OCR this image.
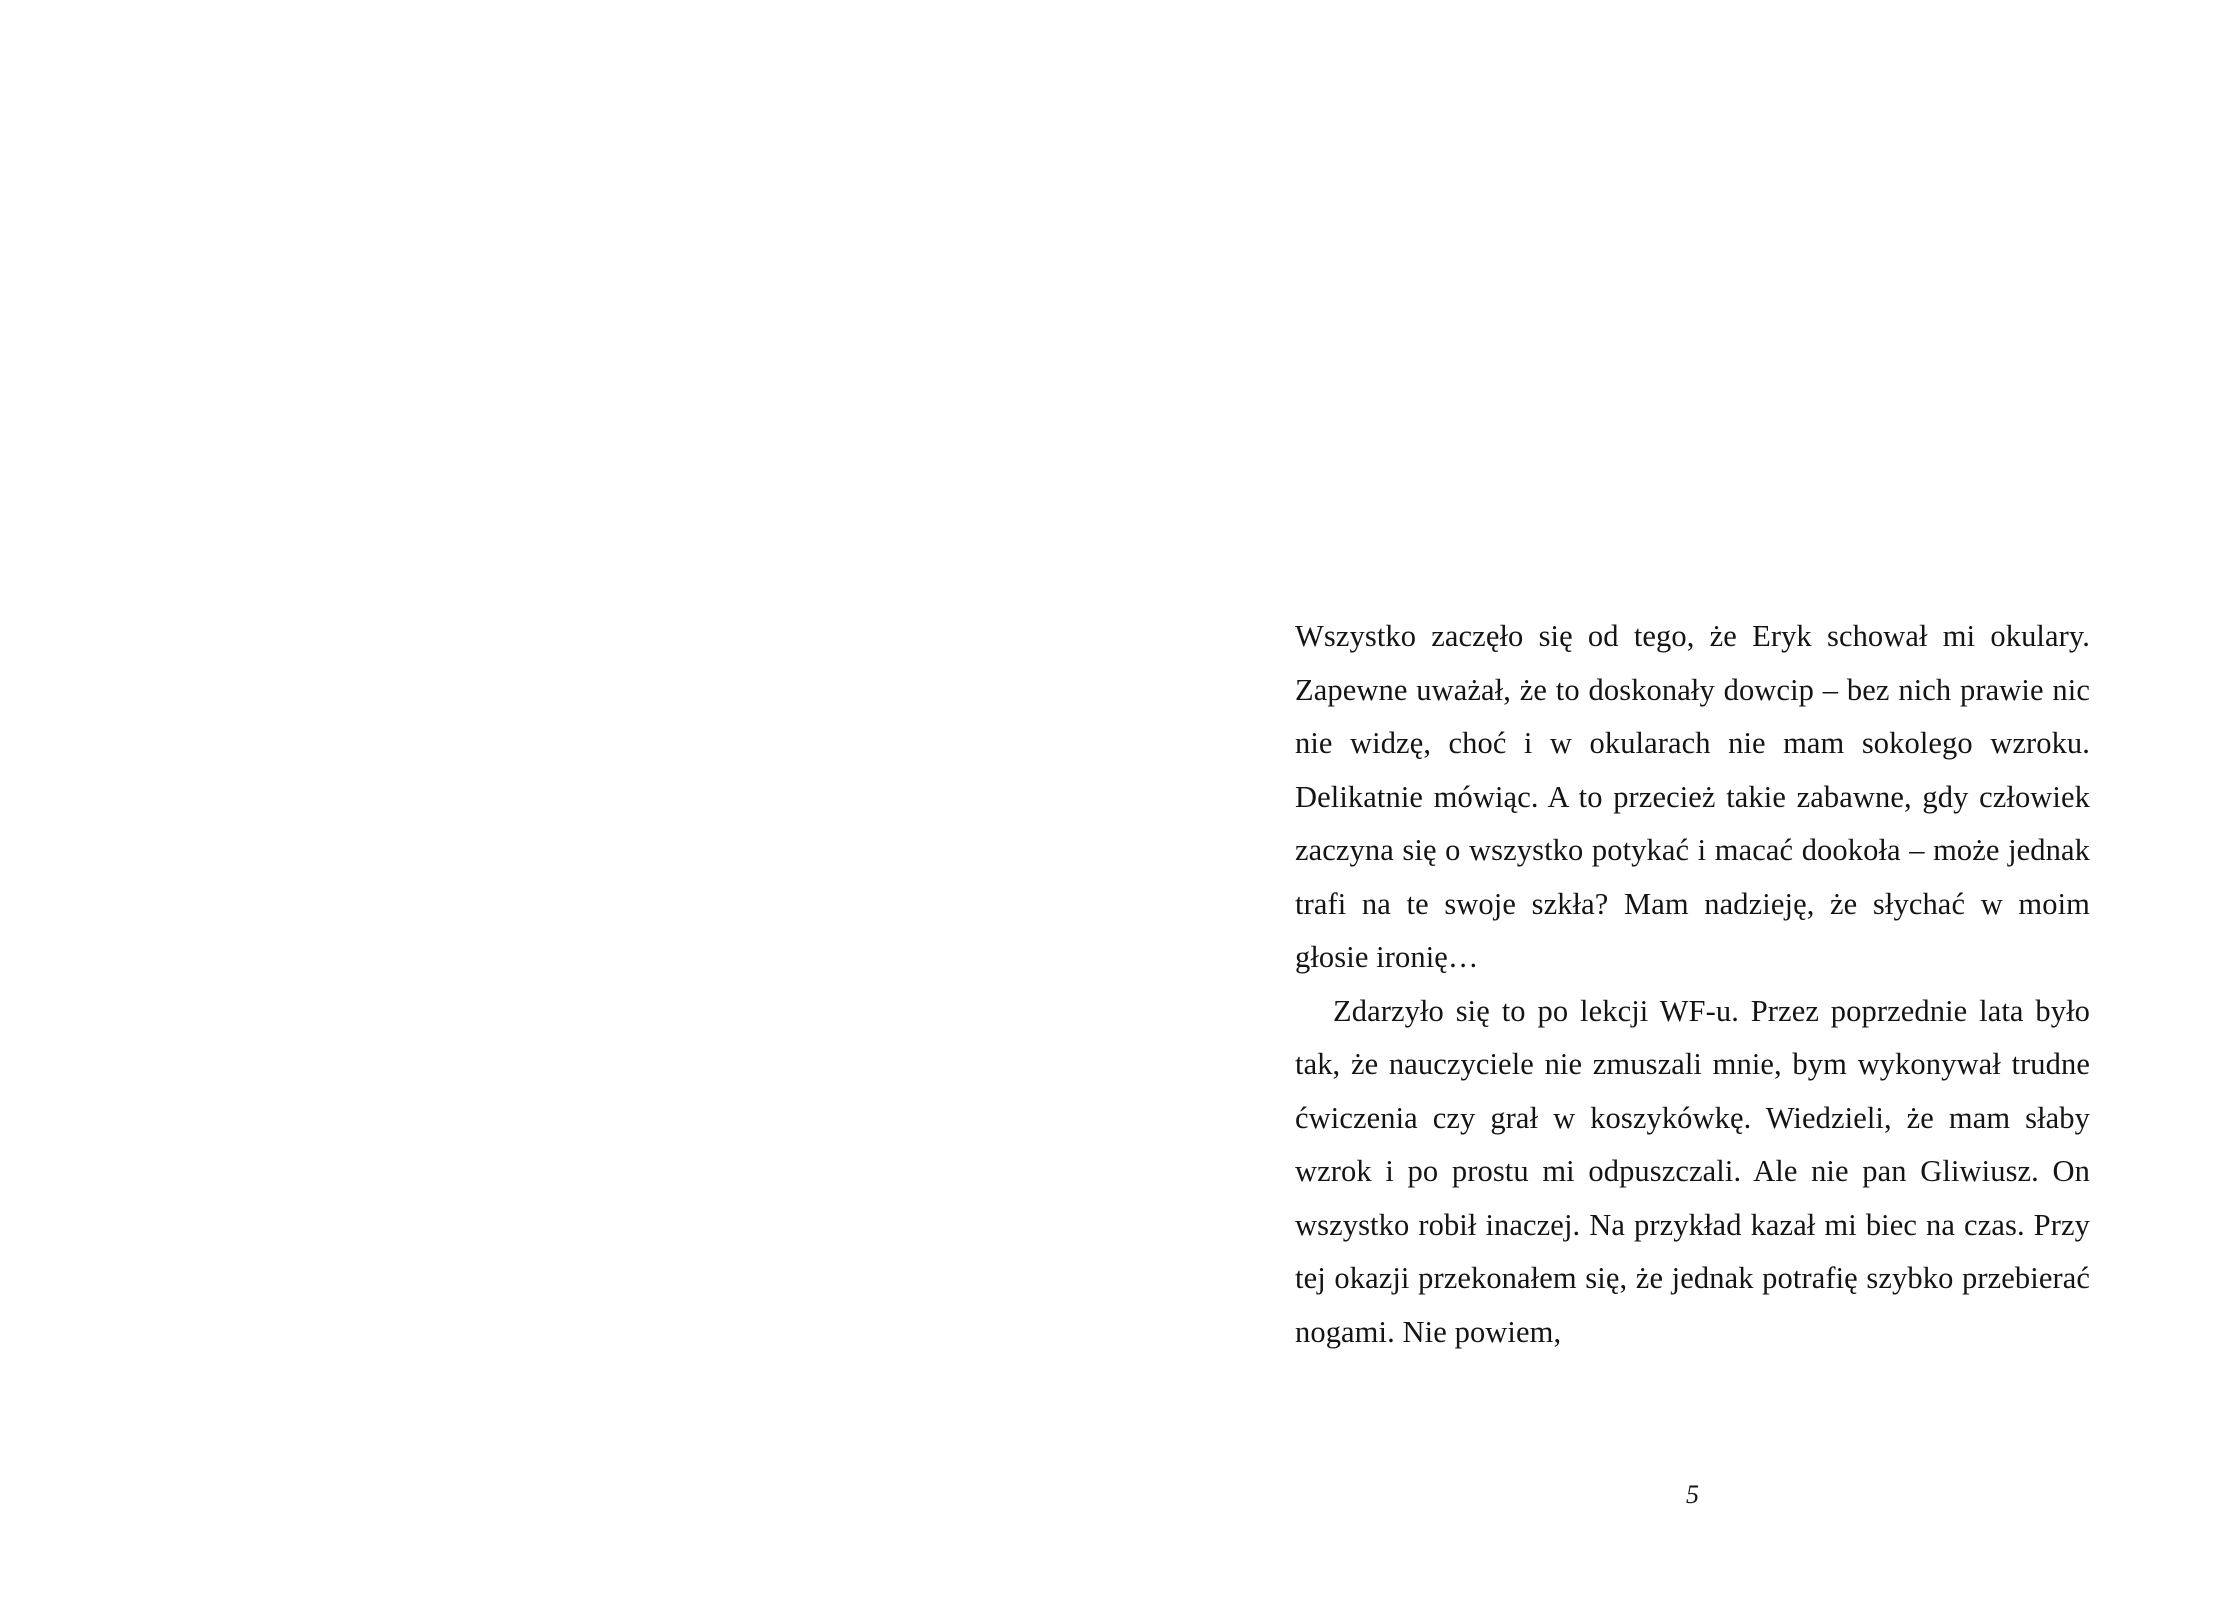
Wszystko zaczęło się od tego, że Eryk schował mi okulary. Zapewne uważał, że to doskonały dowcip – bez nich prawie nic nie widzę, choć i w okularach nie mam sokolego wzroku. Delikatnie mówiąc. A to przecież takie zabawne, gdy człowiek zaczyna się o wszystko potykać i macać dookoła – może jednak trafi na te swoje szkła? Mam nadzieję, że słychać w moim głosie ironię…

Zdarzyło się to po lekcji WF-u. Przez poprzednie lata było tak, że nauczyciele nie zmuszali mnie, bym wykonywał trudne ćwiczenia czy grał w koszykówkę. Wiedzieli, że mam słaby wzrok i po prostu mi odpuszczali. Ale nie pan Gliwiusz. On wszystko robił inaczej. Na przykład kazał mi biec na czas. Przy tej okazji przekonałem się, że jednak potrafię szybko przebierać nogami. Nie powiem,

5
